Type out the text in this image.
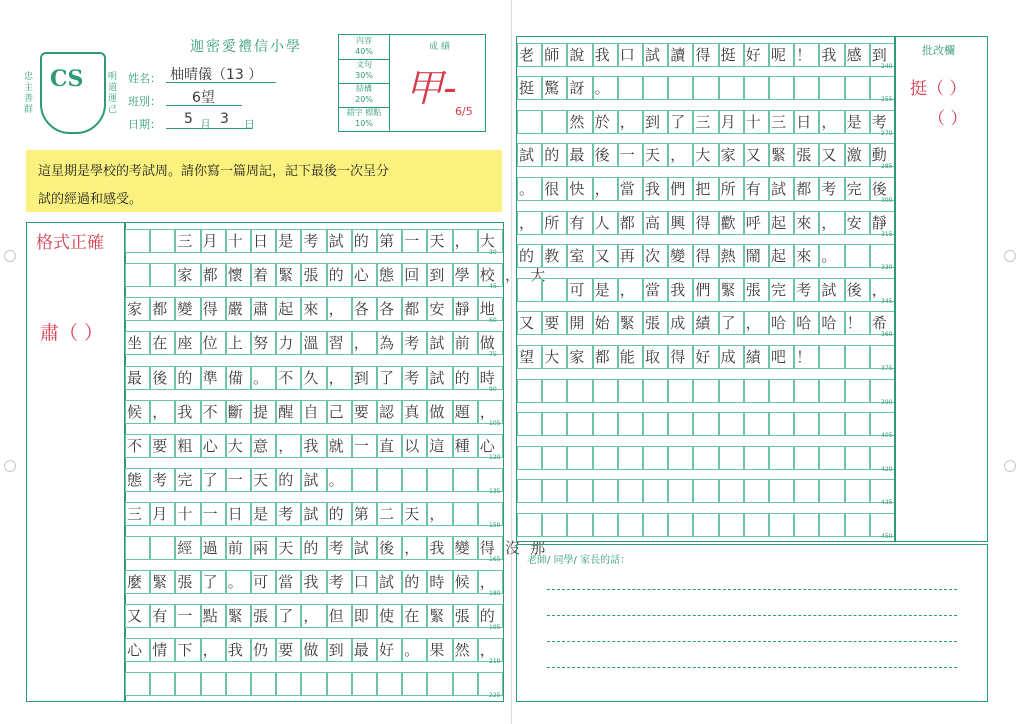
迦密愛禮信小學
CS
忠主善群
明道運己
姓名： 柚晴儀（13 ）
班別： 6望
日期： 5 月 3 日
成 績
內容
40%
文句
30%
結構
20%
錯字 標點
10%
甲-
6/5

這星期是學校的考試周。請你寫一篇周記，記下最後一次呈分

試的經過和感受。

格式正確
肅（ ）
三月十日是考試的第一天，大
30
家都懷着緊張的心態回到學校，大
45
家都變得嚴肅起來，各各都安靜地
60
坐在座位上努力溫習，為考試前做
75
最後的準備。不久，到了考試的時
90
候，我不斷提醒自己要認真做題，
105
不要粗心大意，我就一直以這種心
120
態考完了一天的試。
135
三月十一日是考試的第二天，
150
經過前兩天的考試後，我變得沒那
165
麼緊張了。可當我考口試的時候，
180
又有一點緊張了，但即使在緊張的
195
心情下，我仍要做到最好。果然，
210
225
老師說我口試讀得挺好呢！我感到
240
挺驚訝。
255
然於，到了三月十三日，是考
270
試的最後一天，大家又緊張又激動
285
。很快，當我們把所有試都考完後
300
，所有人都高興得歡呼起來，安靜
315
的教室又再次變得熱鬧起來。
330
可是，當我們緊張完考試後，
345
又要開始緊張成績了，哈哈哈！希
360
望大家都能取得好成績吧！
375
390
405
420
435
450
批改欄
挺（ ）
（ ）
老師/ 同學/ 家長的話：
